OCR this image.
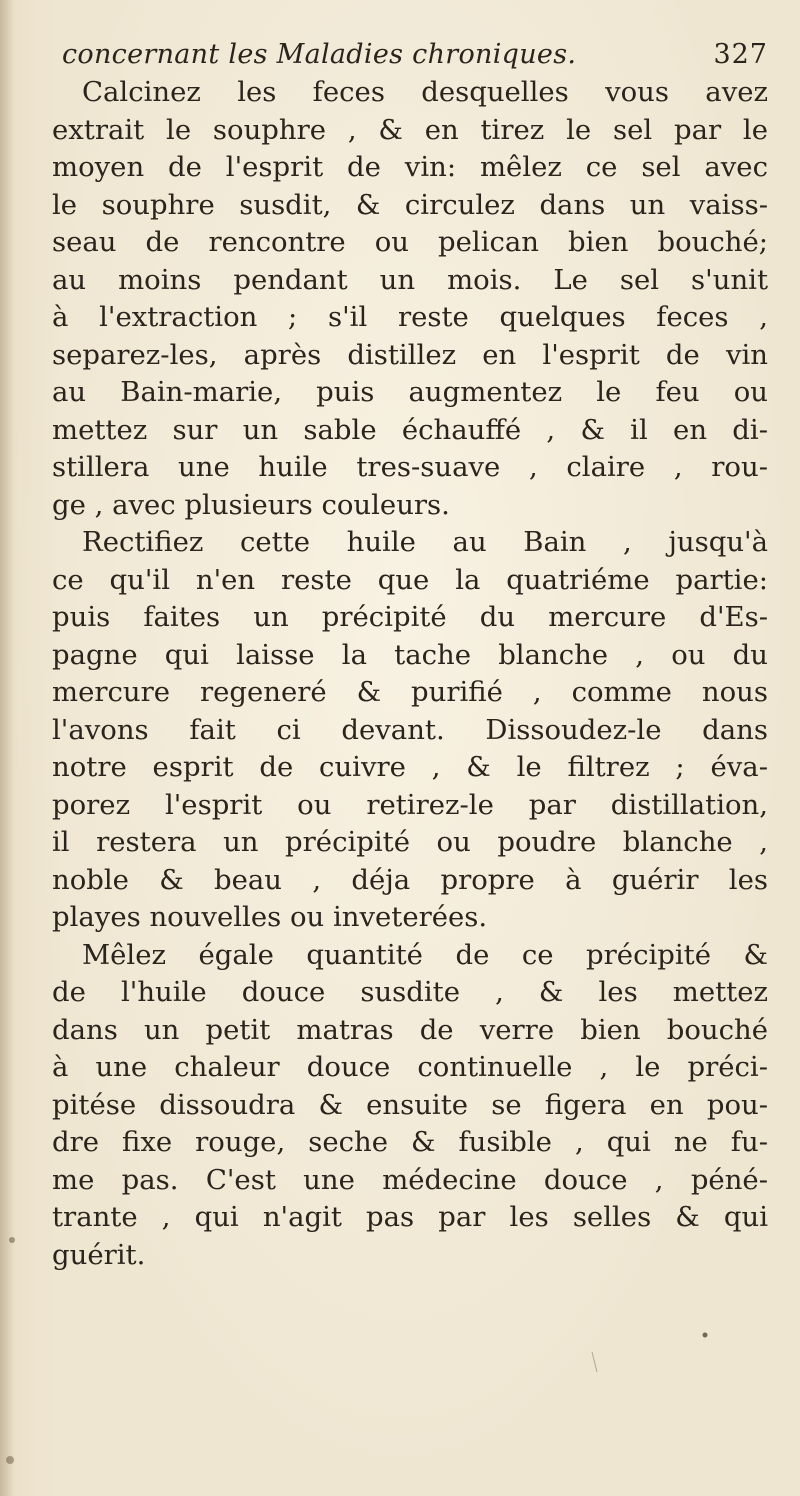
concernant les Maladies chroniques.	327
Calcinez les feces desquelles vous avez
extrait le souphre , & en tirez le sel par le
moyen de l'esprit de vin: mêlez ce sel avec
le souphre susdit, & circulez dans un vaiss-
seau de rencontre ou pelican bien bouché;
au moins pendant un mois. Le sel s'unit
à l'extraction ; s'il reste quelques feces ,
separez-les, après distillez en l'esprit de vin
au Bain-marie, puis augmentez le feu ou
mettez sur un sable échauffé , & il en di-
stillera une huile tres-suave , claire , rou-
ge , avec plusieurs couleurs.
Rectifiez cette huile au Bain , jusqu'à
ce qu'il n'en reste que la quatriéme partie:
puis faites un précipité du mercure d'Es-
pagne qui laisse la tache blanche , ou du
mercure regeneré & purifié , comme nous
l'avons fait ci devant. Dissoudez-le dans
notre esprit de cuivre , & le filtrez ; éva-
porez l'esprit ou retirez-le par distillation,
il restera un précipité ou poudre blanche ,
noble & beau , déja propre à guérir les
playes nouvelles ou inveterées.
Mêlez égale quantité de ce précipité &
de l'huile douce susdite , & les mettez
dans un petit matras de verre bien bouché
à une chaleur douce continuelle , le préci-
pitése dissoudra & ensuite se figera en pou-
dre fixe rouge, seche & fusible , qui ne fu-
me pas. C'est une médecine douce , péné-
trante , qui n'agit pas par les selles & qui
guérit.
